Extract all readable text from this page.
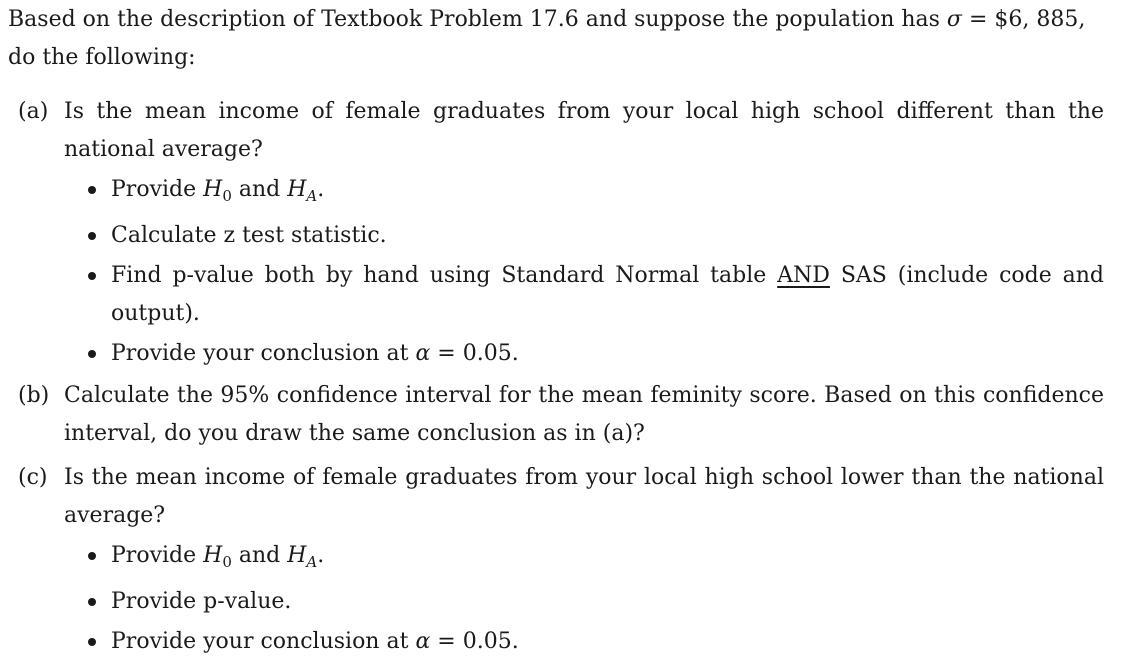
Based on the description of Textbook Problem 17.6 and suppose the population has σ = $6, 885,
do the following:

(a) Is the mean income of female graduates from your local high school different than the national average?
Provide $H_0$ and $H_A$.
Calculate z test statistic.
Find p-value both by hand using Standard Normal table AND SAS (include code and output).
Provide your conclusion at α = 0.05.
(b) Calculate the 95% confidence interval for the mean feminity score. Based on this confidence interval, do you draw the same conclusion as in (a)?
(c) Is the mean income of female graduates from your local high school lower than the national average?
Provide $H_0$ and $H_A$.
Provide p-value.
Provide your conclusion at α = 0.05.
